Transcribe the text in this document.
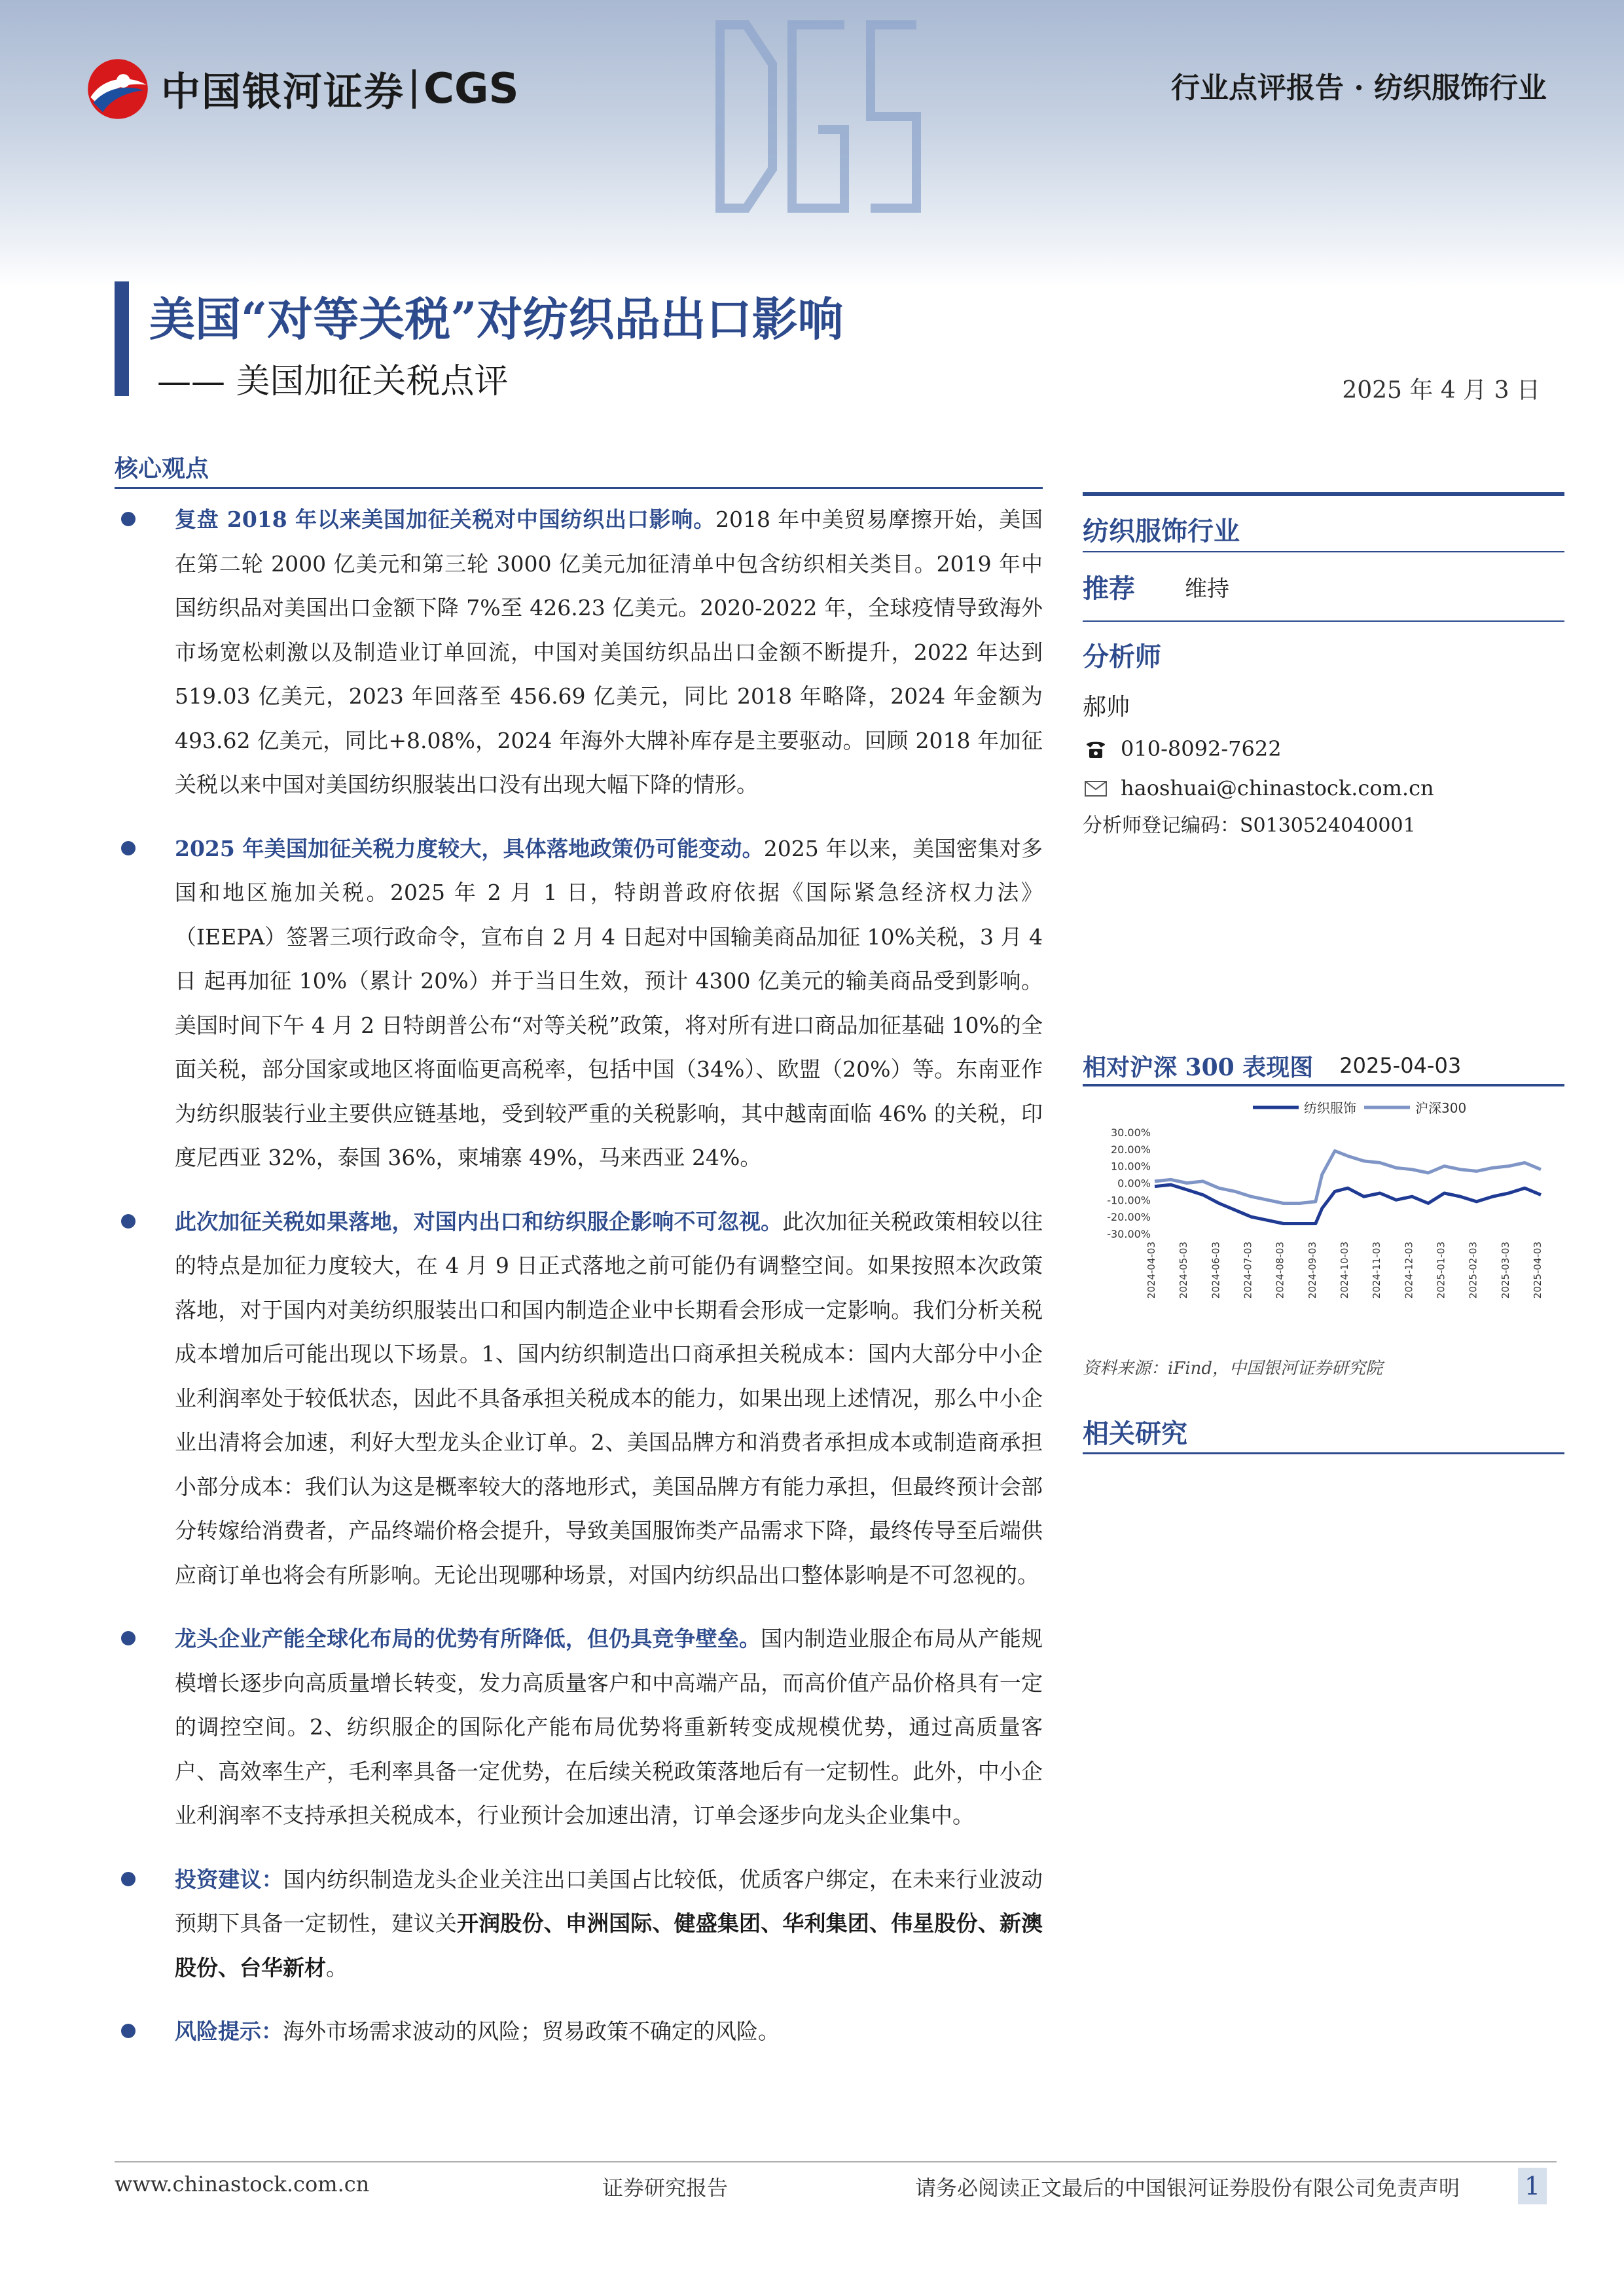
中国银河证券 CGS	行业点评报告 · 纺织服饰行业
美国“对等关税”对纺织品出口影响
—— 美国加征关税点评	2025 年 4 月 3 日
核心观点
复盘 2018 年以来美国加征关税对中国纺织出口影响。2018 年中美贸易摩擦开始，美国在第二轮 2000 亿美元和第三轮 3000 亿美元加征清单中包含纺织相关类目。2019 年中国纺织品对美国出口金额下降 7%至 426.23 亿美元。2020-2022 年，全球疫情导致海外市场宽松刺激以及制造业订单回流，中国对美国纺织品出口金额不断提升，2022 年达到 519.03 亿美元，2023 年回落至 456.69 亿美元，同比 2018 年略降，2024 年金额为 493.62 亿美元，同比+8.08%，2024 年海外大牌补库存是主要驱动。回顾 2018 年加征关税以来中国对美国纺织服装出口没有出现大幅下降的情形。
2025 年美国加征关税力度较大，具体落地政策仍可能变动。2025 年以来，美国密集对多国和地区施加关税。2025 年 2 月 1 日，特朗普政府依据《国际紧急经济权力法》（IEEPA）签署三项行政命令，宣布自 2 月 4 日起对中国输美商品加征 10%关税，3 月 4 日 起再加征 10%（累计 20%）并于当日生效，预计 4300 亿美元的输美商品受到影响。美国时间下午 4 月 2 日特朗普公布“对等关税”政策，将对所有进口商品加征基础 10%的全面关税，部分国家或地区将面临更高税率，包括中国（34%）、欧盟（20%）等。东南亚作为纺织服装行业主要供应链基地，受到较严重的关税影响，其中越南面临 46% 的关税，印度尼西亚 32%，泰国 36%，柬埔寨 49%，马来西亚 24%。
此次加征关税如果落地，对国内出口和纺织服企影响不可忽视。此次加征关税政策相较以往的特点是加征力度较大，在 4 月 9 日正式落地之前可能仍有调整空间。如果按照本次政策落地，对于国内对美纺织服装出口和国内制造企业中长期看会形成一定影响。我们分析关税成本增加后可能出现以下场景。1、国内纺织制造出口商承担关税成本：国内大部分中小企业利润率处于较低状态，因此不具备承担关税成本的能力，如果出现上述情况，那么中小企业出清将会加速，利好大型龙头企业订单。2、美国品牌方和消费者承担成本或制造商承担小部分成本：我们认为这是概率较大的落地形式，美国品牌方有能力承担，但最终预计会部分转嫁给消费者，产品终端价格会提升，导致美国服饰类产品需求下降，最终传导至后端供应商订单也将会有所影响。无论出现哪种场景，对国内纺织品出口整体影响是不可忽视的。
龙头企业产能全球化布局的优势有所降低，但仍具竞争壁垒。国内制造业服企布局从产能规模增长逐步向高质量增长转变，发力高质量客户和中高端产品，而高价值产品价格具有一定的调控空间。2、纺织服企的国际化产能布局优势将重新转变成规模优势，通过高质量客户、高效率生产，毛利率具备一定优势，在后续关税政策落地后有一定韧性。此外，中小企业利润率不支持承担关税成本，行业预计会加速出清，订单会逐步向龙头企业集中。
投资建议：国内纺织制造龙头企业关注出口美国占比较低，优质客户绑定，在未来行业波动预期下具备一定韧性，建议关开润股份、申洲国际、健盛集团、华利集团、伟星股份、新澳股份、台华新材。
风险提示：海外市场需求波动的风险；贸易政策不确定的风险。
纺织服饰行业
推荐 维持
分析师
郝帅
010-8092-7622
haoshuai@chinastock.com.cn
分析师登记编码：S0130524040001
相对沪深 300 表现图 2025-04-03
纺织服饰	沪深300
30.00%
20.00%
10.00%
0.00%
-10.00%
-20.00%
-30.00%
2024-04-03 2024-05-03 2024-06-03 2024-07-03 2024-08-03 2024-09-03 2024-10-03 2024-11-03 2024-12-03 2025-01-03 2025-02-03 2025-03-03 2025-04-03
资料来源：iFind，中国银河证券研究院
相关研究
www.chinastock.com.cn	证券研究报告	请务必阅读正文最后的中国银河证券股份有限公司免责声明	1
